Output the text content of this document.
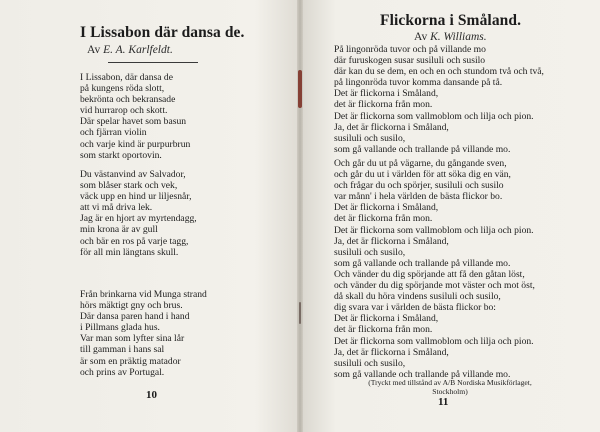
I Lissabon där dansa de.
Av E. A. Karlfeldt.
I Lissabon, där dansa de
på kungens röda slott,
bekrönta och bekransade
vid hurrarop och skott.
Där spelar havet som basun
och fjärran violin
och varje kind är purpurbrun
som starkt oportovin.
Du västanvind av Salvador,
som blåser stark och vek,
väck upp en hind ur liljesnår,
att vi må driva lek.
Jag är en hjort av myrtendagg,
min krona är av gull
och bär en ros på varje tagg,
för all min längtans skull.
Från brinkarna vid Munga strand
hörs mäktigt gny och brus.
Där dansa paren hand i hand
i Pillmans glada hus.
Var man som lyfter sina lår
till gamman i hans sal
är som en präktig matador
och prins av Portugal.
10
Flickorna i Småland.
Av K. Williams.
På lingonröda tuvor och på villande mo
där furuskogen susar susiluli och susilo
där kan du se dem, en och en och stundom två och två,
på lingonröda tuvor komma dansande på tå.
Det är flickorna i Småland,
det är flickorna från mon.
Det är flickorna som vallmoblom och lilja och pion.
Ja, det är flickorna i Småland,
susiluli och susilo,
som gå vallande och trallande på villande mo.
Och går du ut på vägarne, du gångande sven,
och går du ut i världen för att söka dig en vän,
och frågar du och spörjer, susiluli och susilo
var månn' i hela världen de bästa flickor bo.
Det är flickorna i Småland,
det är flickorna från mon.
Det är flickorna som vallmoblom och lilja och pion.
Ja, det är flickorna i Småland,
susiluli och susilo,
som gå vallande och trallande på villande mo.
Och vänder du dig spörjande att få den gåtan löst,
och vänder du dig spörjande mot väster och mot öst,
då skall du höra vindens susiluli och susilo,
dig svara var i världen de bästa flickor bo:
Det är flickorna i Småland,
det är flickorna från mon.
Det är flickorna som vallmoblom och lilja och pion.
Ja, det är flickorna i Småland,
susiluli och susilo,
som gå vallande och trallande på villande mo.
(Tryckt med tillstånd av A/B Nordiska Musikförlaget,
Stockholm)
11
